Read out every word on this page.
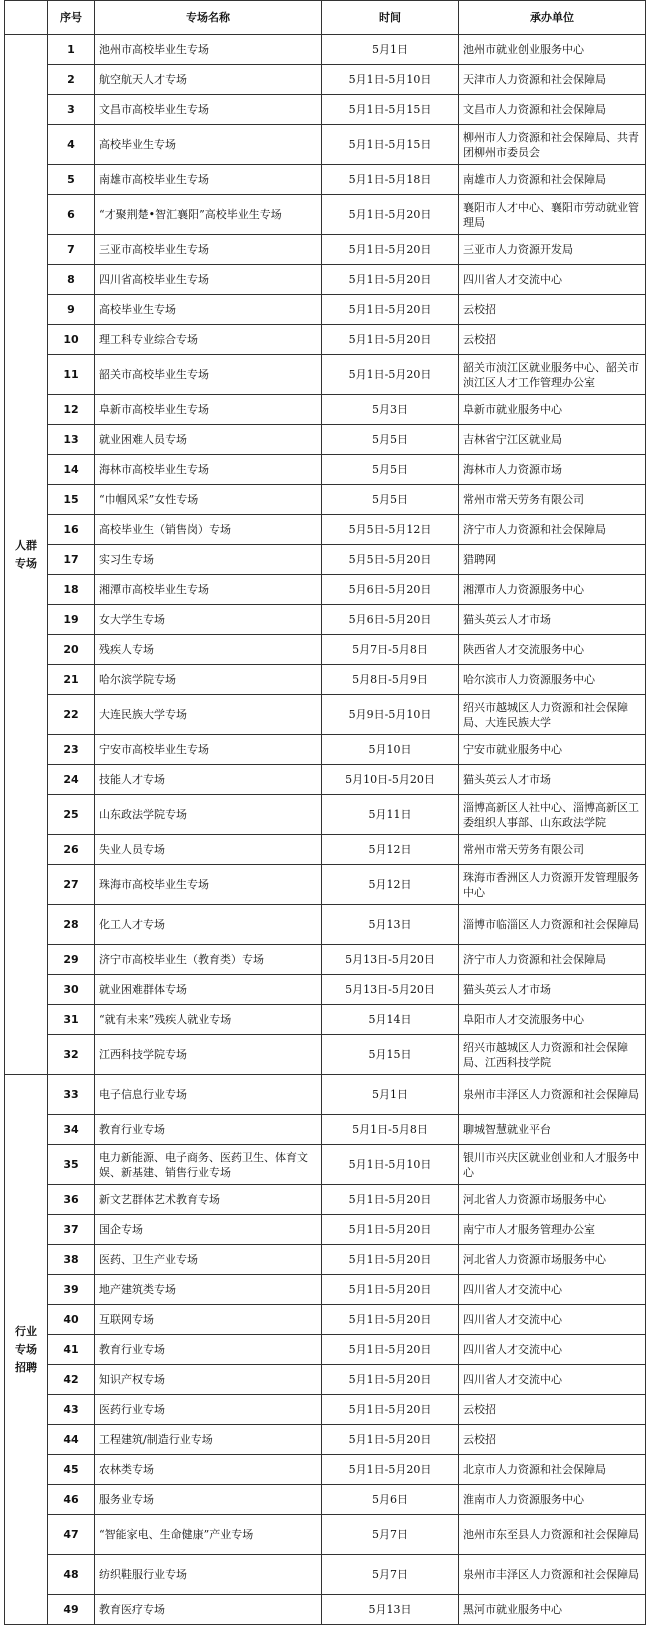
	序号	专场名称	时间	承办单位
人群
专场	1	池州市高校毕业生专场	5月1日	池州市就业创业服务中心
	2	航空航天人才专场	5月1日-5月10日	天津市人力资源和社会保障局
	3	文昌市高校毕业生专场	5月1日-5月15日	文昌市人力资源和社会保障局
	4	高校毕业生专场	5月1日-5月15日	柳州市人力资源和社会保障局、共青团柳州市委员会
	5	南雄市高校毕业生专场	5月1日-5月18日	南雄市人力资源和社会保障局
	6	“才聚荆楚•智汇襄阳”高校毕业生专场	5月1日-5月20日	襄阳市人才中心、襄阳市劳动就业管理局
	7	三亚市高校毕业生专场	5月1日-5月20日	三亚市人力资源开发局
	8	四川省高校毕业生专场	5月1日-5月20日	四川省人才交流中心
	9	高校毕业生专场	5月1日-5月20日	云校招
	10	理工科专业综合专场	5月1日-5月20日	云校招
	11	韶关市高校毕业生专场	5月1日-5月20日	韶关市浈江区就业服务中心、韶关市浈江区人才工作管理办公室
	12	阜新市高校毕业生专场	5月3日	阜新市就业服务中心
	13	就业困难人员专场	5月5日	吉林省宁江区就业局
	14	海林市高校毕业生专场	5月5日	海林市人力资源市场
	15	“巾帼风采”女性专场	5月5日	常州市常天劳务有限公司
	16	高校毕业生（销售岗）专场	5月5日-5月12日	济宁市人力资源和社会保障局
	17	实习生专场	5月5日-5月20日	猎聘网
	18	湘潭市高校毕业生专场	5月6日-5月20日	湘潭市人力资源服务中心
	19	女大学生专场	5月6日-5月20日	猫头英云人才市场
	20	残疾人专场	5月7日-5月8日	陕西省人才交流服务中心
	21	哈尔滨学院专场	5月8日-5月9日	哈尔滨市人力资源服务中心
	22	大连民族大学专场	5月9日-5月10日	绍兴市越城区人力资源和社会保障局、大连民族大学
	23	宁安市高校毕业生专场	5月10日	宁安市就业服务中心
	24	技能人才专场	5月10日-5月20日	猫头英云人才市场
	25	山东政法学院专场	5月11日	淄博高新区人社中心、淄博高新区工委组织人事部、山东政法学院
	26	失业人员专场	5月12日	常州市常天劳务有限公司
	27	珠海市高校毕业生专场	5月12日	珠海市香洲区人力资源开发管理服务中心
	28	化工人才专场	5月13日	淄博市临淄区人力资源和社会保障局
	29	济宁市高校毕业生（教育类）专场	5月13日-5月20日	济宁市人力资源和社会保障局
	30	就业困难群体专场	5月13日-5月20日	猫头英云人才市场
	31	“就有未来”残疾人就业专场	5月14日	阜阳市人才交流服务中心
	32	江西科技学院专场	5月15日	绍兴市越城区人力资源和社会保障局、江西科技学院
行业
专场
招聘	33	电子信息行业专场	5月1日	泉州市丰泽区人力资源和社会保障局
	34	教育行业专场	5月1日-5月8日	聊城智慧就业平台
	35	电力新能源、电子商务、医药卫生、体育文娱、新基建、销售行业专场	5月1日-5月10日	银川市兴庆区就业创业和人才服务中心
	36	新文艺群体艺术教育专场	5月1日-5月20日	河北省人力资源市场服务中心
	37	国企专场	5月1日-5月20日	南宁市人才服务管理办公室
	38	医药、卫生产业专场	5月1日-5月20日	河北省人力资源市场服务中心
	39	地产建筑类专场	5月1日-5月20日	四川省人才交流中心
	40	互联网专场	5月1日-5月20日	四川省人才交流中心
	41	教育行业专场	5月1日-5月20日	四川省人才交流中心
	42	知识产权专场	5月1日-5月20日	四川省人才交流中心
	43	医药行业专场	5月1日-5月20日	云校招
	44	工程建筑/制造行业专场	5月1日-5月20日	云校招
	45	农林类专场	5月1日-5月20日	北京市人力资源和社会保障局
	46	服务业专场	5月6日	淮南市人力资源服务中心
	47	“智能家电、生命健康”产业专场	5月7日	池州市东至县人力资源和社会保障局
	48	纺织鞋服行业专场	5月7日	泉州市丰泽区人力资源和社会保障局
	49	教育医疗专场	5月13日	黑河市就业服务中心
